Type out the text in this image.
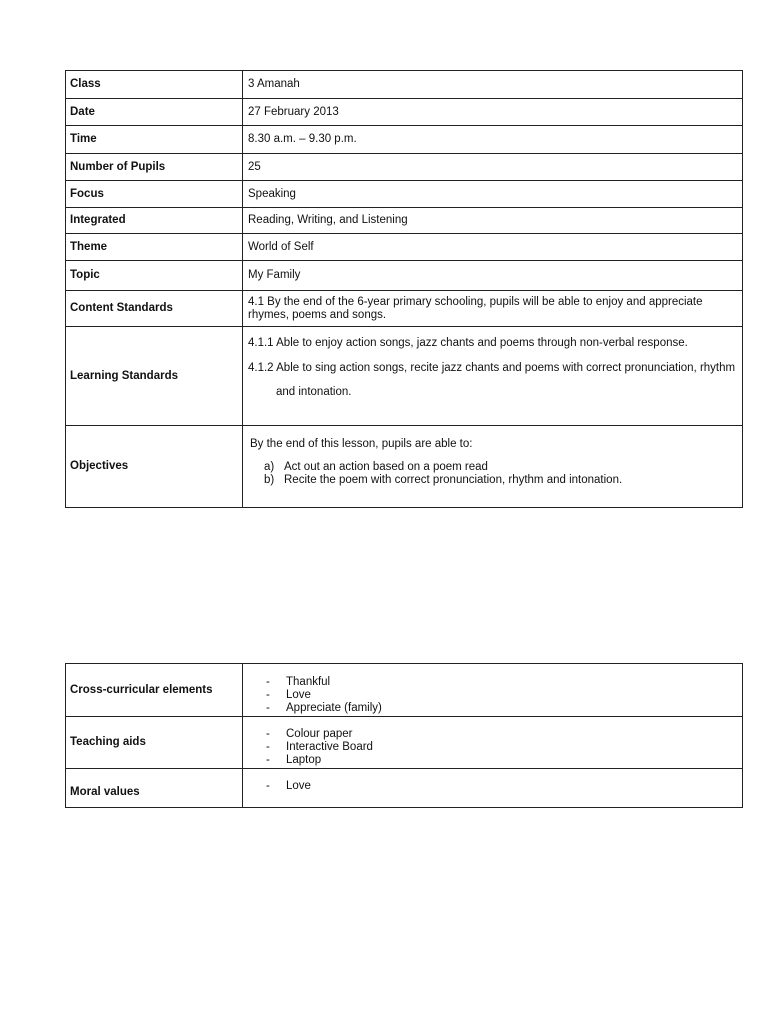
Class	3 Amanah
Date	27 February 2013
Time	8.30 a.m. – 9.30 p.m.
Number of Pupils	25
Focus	Speaking
Integrated	Reading, Writing, and Listening
Theme	World of Self
Topic	My Family
Content Standards	4.1 By the end of the 6-year primary schooling, pupils will be able to enjoy and appreciate
rhymes, poems and songs.

Learning Standards	4.1.1 Able to enjoy action songs, jazz chants and poems through non-verbal response.
4.1.2 Able to sing action songs, recite jazz chants and poems with correct pronunciation, rhythm
and intonation.

Objectives	By the end of this lesson, pupils are able to:
a) Act out an action based on a poem read
b) Recite the poem with correct pronunciation, rhythm and intonation.
Cross-curricular elements	- Thankful
- Love
- Appreciate (family)

Teaching aids	- Colour paper
- Interactive Board
- Laptop

Moral values	- Love
